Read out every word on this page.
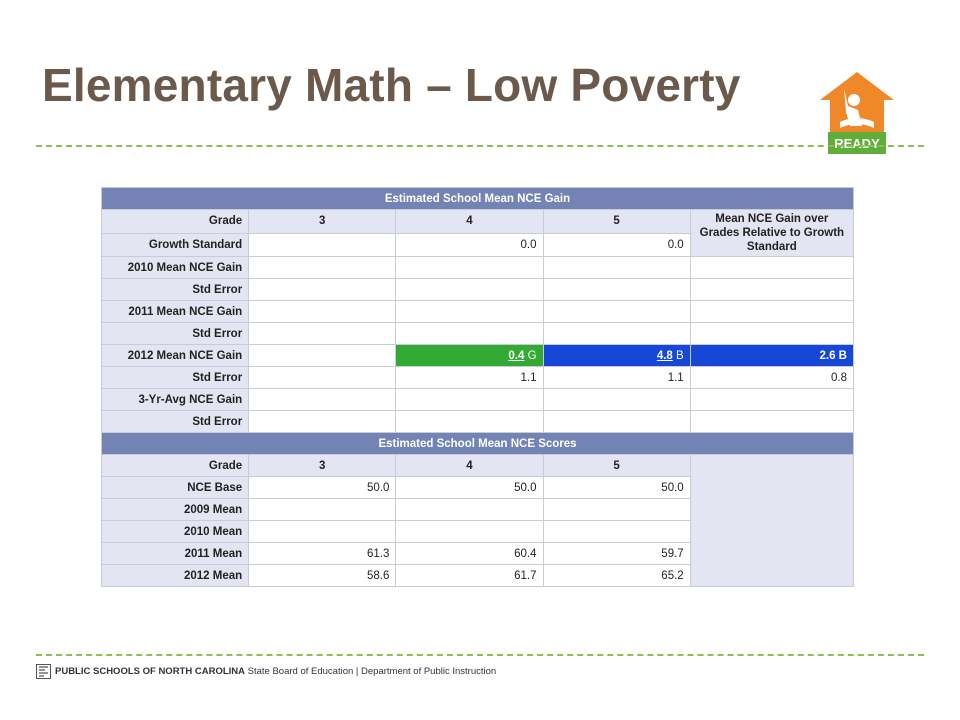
Elementary Math – Low Poverty
READY
Estimated School Mean NCE Gain				
Grade	3	4	5	Mean NCE Gain over Grades Relative to Growth Standard
Growth Standard		0.0	0.0	
2010 Mean NCE Gain				
Std Error				
2011 Mean NCE Gain				
Std Error				
2012 Mean NCE Gain		0.4 G	4.8 B	2.6 B
Std Error		1.1	1.1	0.8
3-Yr-Avg NCE Gain				
Std Error				
Estimated School Mean NCE Scores				
Grade	3	4	5	
NCE Base	50.0	50.0	50.0	
2009 Mean				
2010 Mean				
2011 Mean	61.3	60.4	59.7	
2012 Mean	58.6	61.7	65.2	
PUBLIC SCHOOLS OF NORTH CAROLINA State Board of Education | Department of Public Instruction
